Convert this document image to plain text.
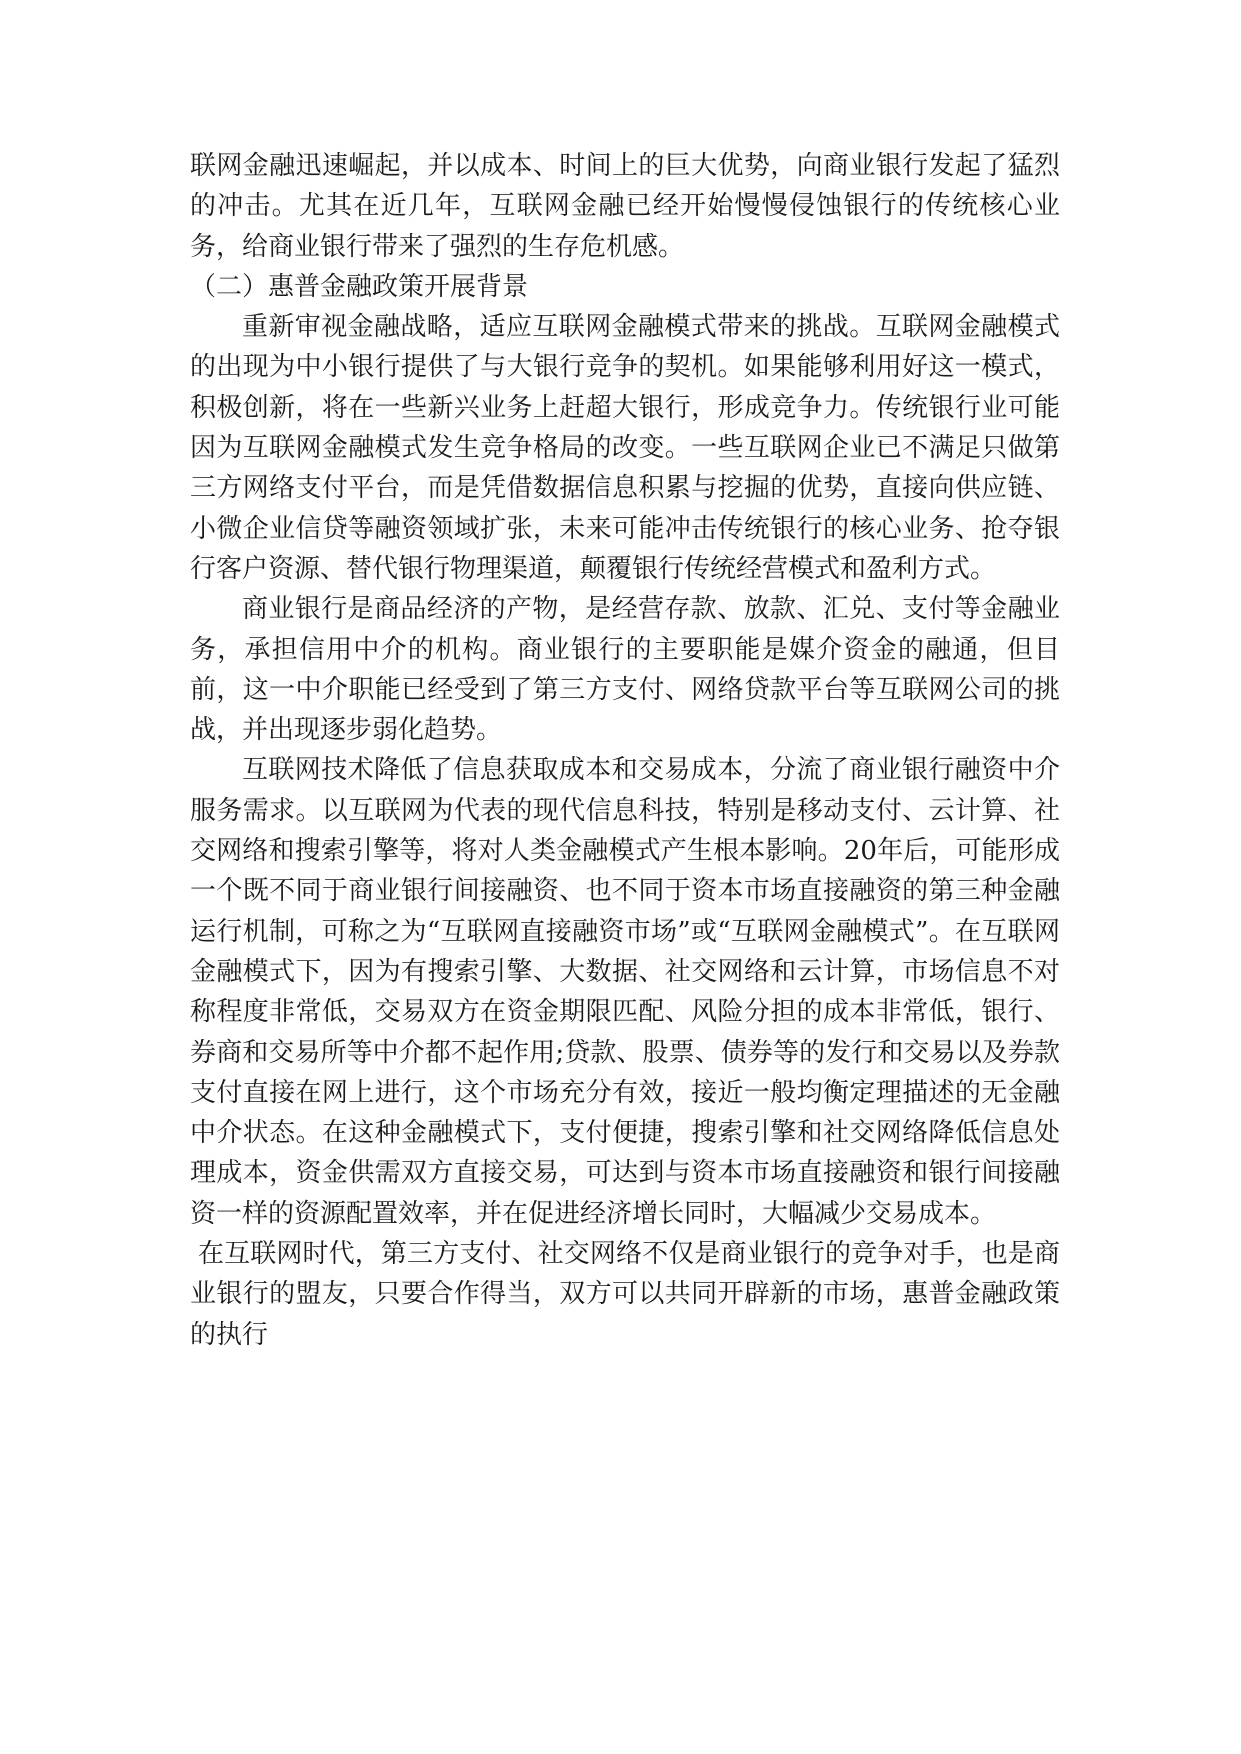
联网金融迅速崛起，并以成本、时间上的巨大优势，向商业银行发起了猛烈的冲击。尤其在近几年，互联网金融已经开始慢慢侵蚀银行的传统核心业务，给商业银行带来了强烈的生存危机感。

（二）惠普金融政策开展背景

重新审视金融战略，适应互联网金融模式带来的挑战。互联网金融模式的出现为中小银行提供了与大银行竞争的契机。如果能够利用好这一模式，积极创新，将在一些新兴业务上赶超大银行，形成竞争力。传统银行业可能因为互联网金融模式发生竞争格局的改变。一些互联网企业已不满足只做第三方网络支付平台，而是凭借数据信息积累与挖掘的优势，直接向供应链、小微企业信贷等融资领域扩张，未来可能冲击传统银行的核心业务、抢夺银行客户资源、替代银行物理渠道，颠覆银行传统经营模式和盈利方式。

商业银行是商品经济的产物，是经营存款、放款、汇兑、支付等金融业务，承担信用中介的机构。商业银行的主要职能是媒介资金的融通，但目前，这一中介职能已经受到了第三方支付、网络贷款平台等互联网公司的挑战，并出现逐步弱化趋势。

互联网技术降低了信息获取成本和交易成本，分流了商业银行融资中介服务需求。以互联网为代表的现代信息科技，特别是移动支付、云计算、社交网络和搜索引擎等，将对人类金融模式产生根本影响。20年后，可能形成一个既不同于商业银行间接融资、也不同于资本市场直接融资的第三种金融运行机制，可称之为“互联网直接融资市场”或“互联网金融模式”。在互联网金融模式下，因为有搜索引擎、大数据、社交网络和云计算，市场信息不对称程度非常低，交易双方在资金期限匹配、风险分担的成本非常低，银行、券商和交易所等中介都不起作用;贷款、股票、债券等的发行和交易以及券款支付直接在网上进行，这个市场充分有效，接近一般均衡定理描述的无金融中介状态。在这种金融模式下，支付便捷，搜索引擎和社交网络降低信息处理成本，资金供需双方直接交易，可达到与资本市场直接融资和银行间接融资一样的资源配置效率，并在促进经济增长同时，大幅减少交易成本。

在互联网时代，第三方支付、社交网络不仅是商业银行的竞争对手，也是商业银行的盟友，只要合作得当，双方可以共同开辟新的市场，惠普金融政策的执行
